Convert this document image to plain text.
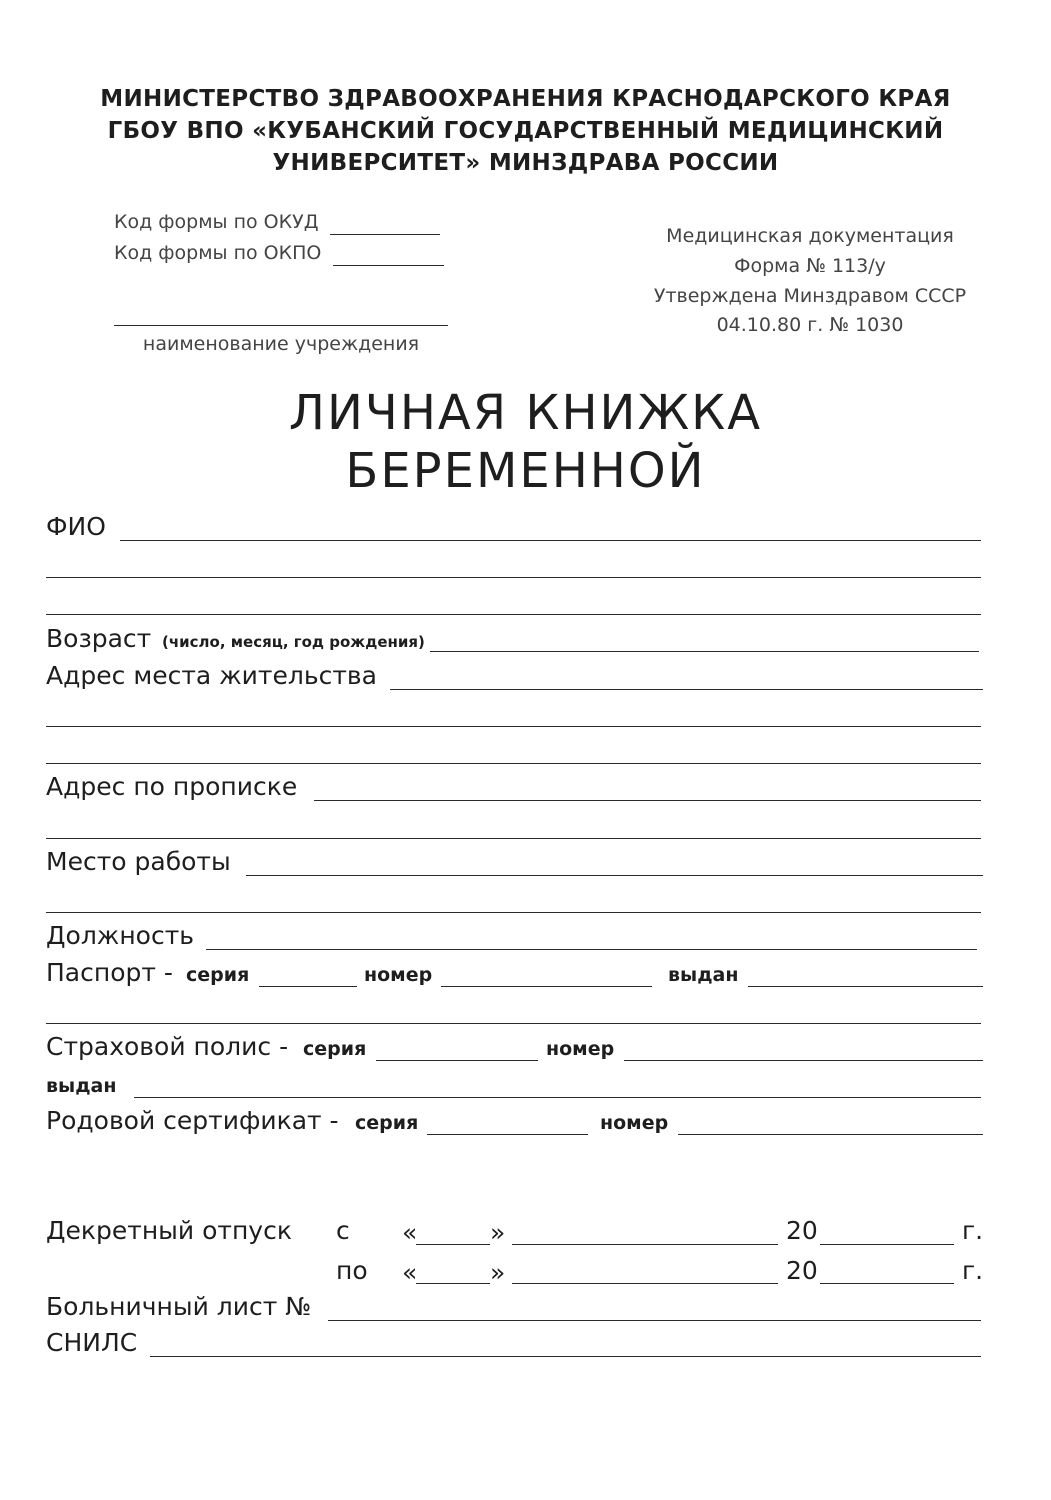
МИНИСТЕРСТВО ЗДРАВООХРАНЕНИЯ КРАСНОДАРСКОГО КРАЯ
ГБОУ ВПО «КУБАНСКИЙ ГОСУДАРСТВЕННЫЙ МЕДИЦИНСКИЙ
УНИВЕРСИТЕТ» МИНЗДРАВА РОССИИ
Код формы по ОКУД
Код формы по ОКПО
наименование учреждения
Медицинская документация
Форма № 113/у
Утверждена Минздравом СССР
04.10.80 г. № 1030
ЛИЧНАЯ КНИЖКА
БЕРЕМЕННОЙ
ФИО
Возраст (число, месяц, год рождения)
Адрес места жительства
Адрес по прописке
Место работы
Должность
Паспорт - серия	номер	выдан
Страховой полис - серия	номер
выдан
Родовой сертификат - серия	номер
Декретный отпуск с «	»	20	г.
по «	»	20	г.
Больничный лист №
СНИЛС
